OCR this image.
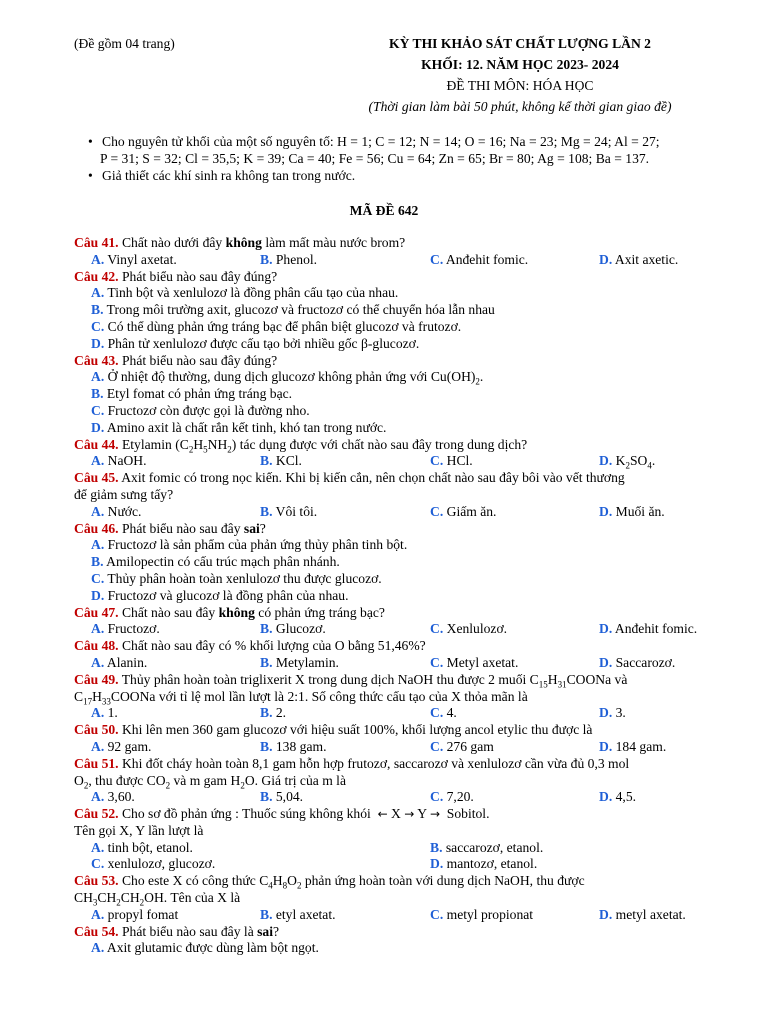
(Đề gồm 04 trang)	KỲ THI KHẢO SÁT CHẤT LƯỢNG LẦN 2
KHỐI: 12. NĂM HỌC 2023- 2024
ĐỀ THI MÔN: HÓA HỌC
(Thời gian làm bài 50 phút, không kể thời gian giao đề)
• Cho nguyên tử khối của một số nguyên tố: H = 1; C = 12; N = 14; O = 16; Na = 23; Mg = 24; Al = 27;
P = 31; S = 32; Cl = 35,5; K = 39; Ca = 40; Fe = 56; Cu = 64; Zn = 65; Br = 80; Ag = 108; Ba = 137.
• Giả thiết các khí sinh ra không tan trong nước.
MÃ ĐỀ 642
Câu 41. Chất nào dưới đây không làm mất màu nước brom?
A. Vinyl axetat.	B. Phenol.	C. Anđehit fomic.	D. Axit axetic.
Câu 42. Phát biểu nào sau đây đúng?
A. Tinh bột và xenlulozơ là đồng phân cấu tạo của nhau.
B. Trong môi trường axit, glucozơ và fructozơ có thể chuyển hóa lẫn nhau
C. Có thể dùng phản ứng tráng bạc để phân biệt glucozơ và frutozơ.
D. Phân tử xenlulozơ được cấu tạo bởi nhiều gốc β-glucozơ.
Câu 43. Phát biểu nào sau đây đúng?
A. Ở nhiệt độ thường, dung dịch glucozơ không phản ứng với $Cu(OH)_2$.
B. Etyl fomat có phản ứng tráng bạc.
C. Fructozơ còn được gọi là đường nho.
D. Amino axit là chất rắn kết tinh, khó tan trong nước.
Câu 44. Etylamin $(C_2H_5NH_2)$ tác dụng được với chất nào sau đây trong dung dịch?
A. NaOH.	B. KCl.	C. HCl.	D. $K_2SO_4$.
Câu 45. Axit fomic có trong nọc kiến. Khi bị kiến cắn, nên chọn chất nào sau đây bôi vào vết thương
để giảm sưng tấy?
A. Nước.	B. Vôi tôi.	C. Giấm ăn.	D. Muối ăn.
Câu 46. Phát biểu nào sau đây sai?
A. Fructozơ là sản phẩm của phản ứng thủy phân tinh bột.
B. Amilopectin có cấu trúc mạch phân nhánh.
C. Thủy phân hoàn toàn xenlulozơ thu được glucozơ.
D. Fructozơ và glucozơ là đồng phân của nhau.
Câu 47. Chất nào sau đây không có phản ứng tráng bạc?
A. Fructozơ.	B. Glucozơ.	C. Xenlulozơ.	D. Anđehit fomic.
Câu 48. Chất nào sau đây có % khối lượng của O bằng 51,46%?
A. Alanin.	B. Metylamin.	C. Metyl axetat.	D. Saccarozơ.
Câu 49. Thủy phân hoàn toàn triglixerit X trong dung dịch NaOH thu được 2 muối $C_{15}H_{31}COONa$ và
$C_{17}H_{33}COONa$ với tỉ lệ mol lần lượt là 2:1. Số công thức cấu tạo của X thỏa mãn là
A. 1.	B. 2.	C. 4.	D. 3.
Câu 50. Khi lên men 360 gam glucozơ với hiệu suất 100%, khối lượng ancol etylic thu được là
A. 92 gam.	B. 138 gam.	C. 276 gam	D. 184 gam.
Câu 51. Khi đốt cháy hoàn toàn 8,1 gam hỗn hợp frutozơ, saccarozơ và xenlulozơ cần vừa đủ 0,3 mol
$O_2$, thu được $CO_2$ và m gam $H_2O$. Giá trị của m là
A. 3,60.	B. 5,04.	C. 7,20.	D. 4,5.
Câu 52. Cho sơ đồ phản ứng : Thuốc súng không khói ← X → Y →  Sobitol.
Tên gọi X, Y lần lượt là
A. tinh bột, etanol.	B. saccarozơ, etanol.
C. xenlulozơ, glucozơ.	D. mantozơ, etanol.
Câu 53. Cho este X có công thức $C_4H_8O_2$ phản ứng hoàn toàn với dung dịch NaOH, thu được
$CH_3CH_2CH_2OH$. Tên của X là
A. propyl fomat	B. etyl axetat.	C. metyl propionat	D. metyl axetat.
Câu 54. Phát biểu nào sau đây là sai?
A. Axit glutamic được dùng làm bột ngọt.
